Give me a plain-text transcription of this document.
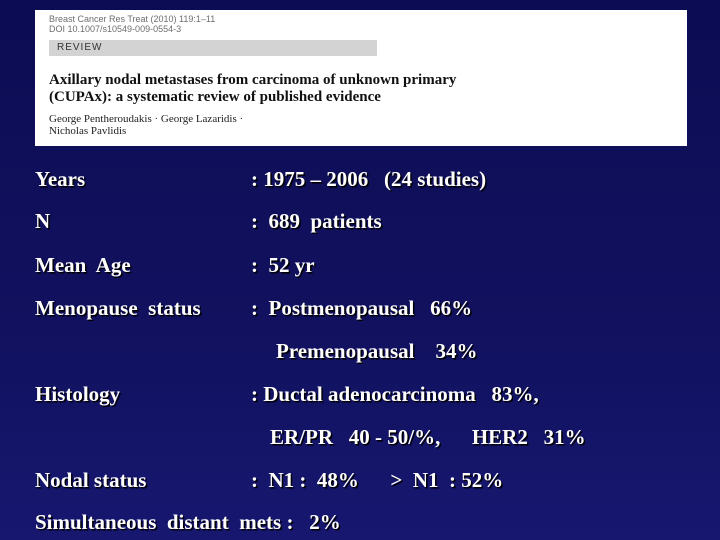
Breast Cancer Res Treat (2010) 119:1–11
DOI 10.1007/s10549-009-0554-3
REVIEW
Axillary nodal metastases from carcinoma of unknown primary
(CUPAx): a systematic review of published evidence
George Pentheroudakis · George Lazaridis ·
Nicholas Pavlidis
Years	: 1975 – 2006   (24 studies)
N	:  689  patients
Mean  Age	:  52 yr
Menopause  status :  Postmenopausal   66%
Premenopausal    34%
Histology	: Ductal adenocarcinoma   83%,
ER/PR   40 - 50/%,      HER2   31%
Nodal status	:  N1 :  48%      >  N1  : 52%
Simultaneous  distant  mets :   2%
